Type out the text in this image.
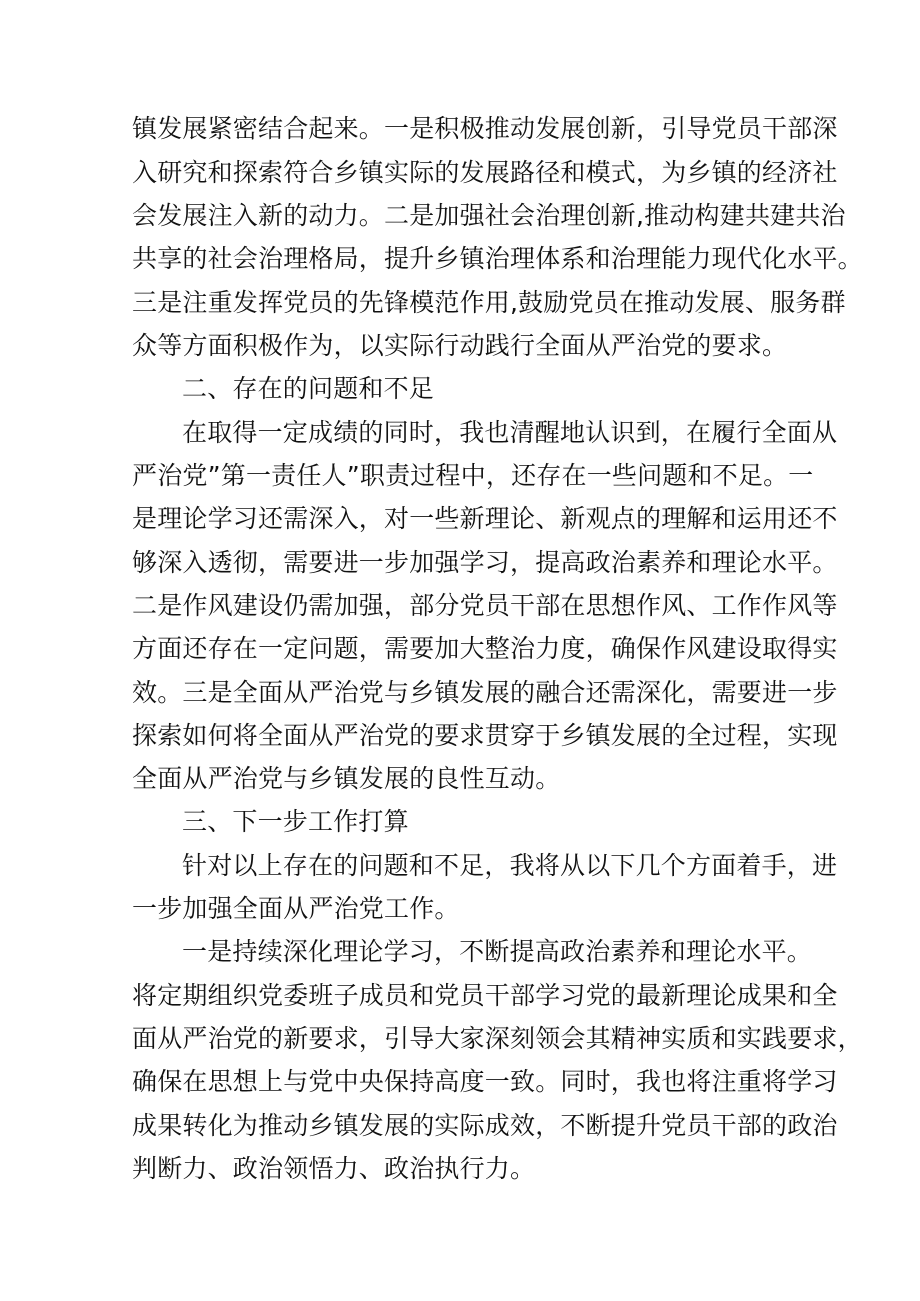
镇发展紧密结合起来。一是积极推动发展创新，引导党员干部深
入研究和探索符合乡镇实际的发展路径和模式，为乡镇的经济社
会发展注入新的动力。二是加强社会治理创新,推动构建共建共治
共享的社会治理格局，提升乡镇治理体系和治理能力现代化水平。
三是注重发挥党员的先锋模范作用,鼓励党员在推动发展、服务群
众等方面积极作为，以实际行动践行全面从严治党的要求。
二、存在的问题和不足
在取得一定成绩的同时，我也清醒地认识到，在履行全面从
严治党”第一责任人”职责过程中，还存在一些问题和不足。一
是理论学习还需深入，对一些新理论、新观点的理解和运用还不
够深入透彻，需要进一步加强学习，提高政治素养和理论水平。
二是作风建设仍需加强，部分党员干部在思想作风、工作作风等
方面还存在一定问题，需要加大整治力度，确保作风建设取得实
效。三是全面从严治党与乡镇发展的融合还需深化，需要进一步
探索如何将全面从严治党的要求贯穿于乡镇发展的全过程，实现
全面从严治党与乡镇发展的良性互动。
三、下一步工作打算
针对以上存在的问题和不足，我将从以下几个方面着手，进
一步加强全面从严治党工作。
一是持续深化理论学习，不断提高政治素养和理论水平。
将定期组织党委班子成员和党员干部学习党的最新理论成果和全
面从严治党的新要求，引导大家深刻领会其精神实质和实践要求，
确保在思想上与党中央保持高度一致。同时，我也将注重将学习
成果转化为推动乡镇发展的实际成效，不断提升党员干部的政治
判断力、政治领悟力、政治执行力。
